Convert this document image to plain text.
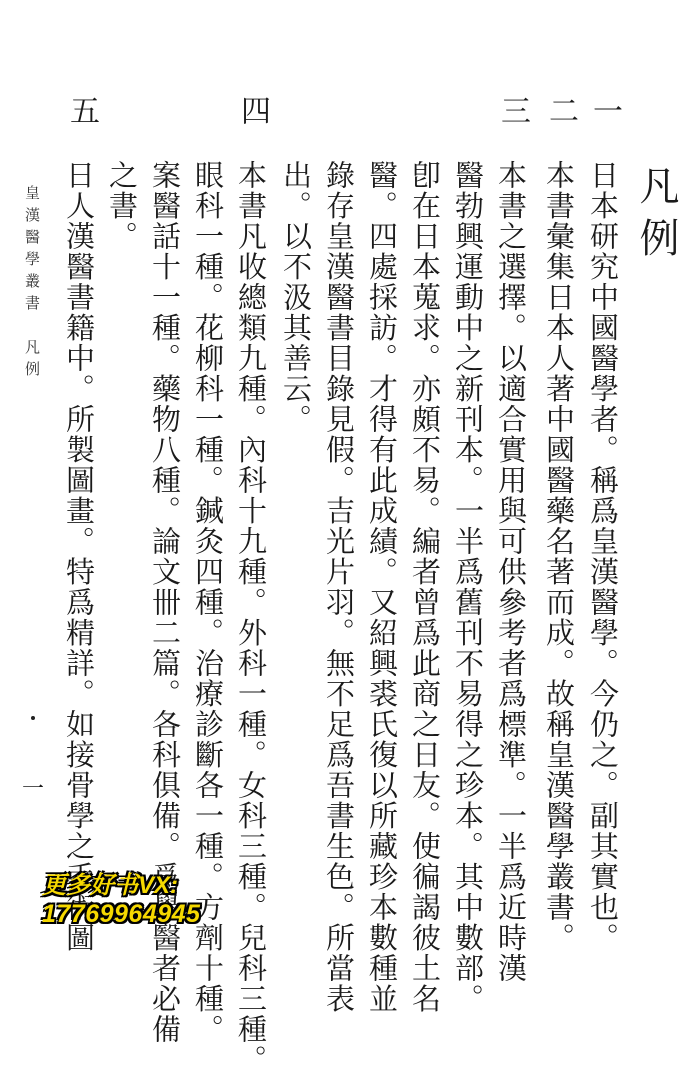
凡例
一
日本研究中國醫學者。稱爲皇漢醫學。今仍之。副其實也。
二
本書彙集日本人著中國醫藥名著而成。故稱皇漢醫學叢書。
三
本書之選擇。以適合實用與可供參考者爲標準。一半爲近時漢
醫勃興運動中之新刊本。一半爲舊刊不易得之珍本。其中數部。
卽在日本蒐求。亦頗不易。編者曾爲此商之日友。使徧謁彼土名
醫。四處採訪。才得有此成績。又紹興裘氏復以所藏珍本數種並
錄存皇漢醫書目錄見假。吉光片羽。無不足爲吾書生色。所當表
出。以不汲其善云。
四
本書凡收總類九種。內科十九種。外科一種。女科三種。兒科三種。
眼科一種。花柳科一種。鍼灸四種。治療診斷各一種。方劑十種。
案醫話十一種。藥物八種。論文卌二篇。各科俱備。爲學醫者必備
之書。
五
日人漢醫書籍中。所製圖畫。特爲精詳。如接骨學之手術圖
皇漢醫學叢書　凡例
一
更多好书VX:
17769964945
